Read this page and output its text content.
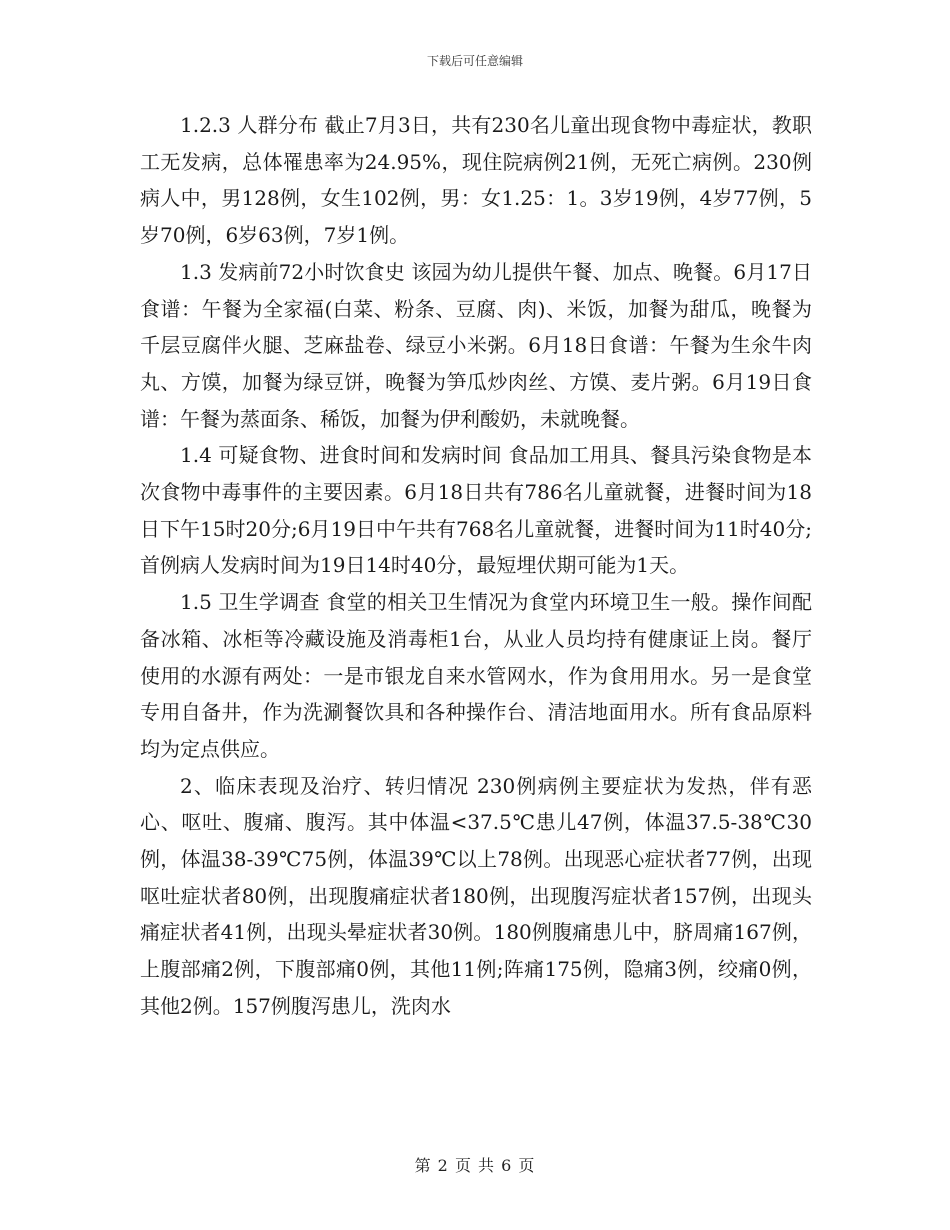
下载后可任意编辑

1.2.3 人群分布 截止7月3日，共有230名儿童出现食物中毒症状，教职工无发病，总体罹患率为24.95%，现住院病例21例，无死亡病例。230例病人中，男128例，女生102例，男：女1.25：1。3岁19例，4岁77例，5岁70例，6岁63例，7岁1例。

1.3 发病前72小时饮食史 该园为幼儿提供午餐、加点、晚餐。6月17日食谱：午餐为全家福(白菜、粉条、豆腐、肉)、米饭，加餐为甜瓜，晚餐为千层豆腐伴火腿、芝麻盐卷、绿豆小米粥。6月18日食谱：午餐为生氽牛肉丸、方馍，加餐为绿豆饼，晚餐为笋瓜炒肉丝、方馍、麦片粥。6月19日食谱：午餐为蒸面条、稀饭，加餐为伊利酸奶，未就晚餐。

1.4 可疑食物、进食时间和发病时间 食品加工用具、餐具污染食物是本次食物中毒事件的主要因素。6月18日共有786名儿童就餐，进餐时间为18日下午15时20分;6月19日中午共有768名儿童就餐，进餐时间为11时40分;首例病人发病时间为19日14时40分，最短埋伏期可能为1天。

1.5 卫生学调查 食堂的相关卫生情况为食堂内环境卫生一般。操作间配备冰箱、冰柜等冷藏设施及消毒柜1台，从业人员均持有健康证上岗。餐厅使用的水源有两处：一是市银龙自来水管网水，作为食用用水。另一是食堂专用自备井，作为洗涮餐饮具和各种操作台、清洁地面用水。所有食品原料均为定点供应。

2、临床表现及治疗、转归情况 230例病例主要症状为发热，伴有恶心、呕吐、腹痛、腹泻。其中体温<37.5℃患儿47例，体温37.5-38℃30例，体温38-39℃75例，体温39℃以上78例。出现恶心症状者77例，出现呕吐症状者80例，出现腹痛症状者180例，出现腹泻症状者157例，出现头痛症状者41例，出现头晕症状者30例。180例腹痛患儿中，脐周痛167例，上腹部痛2例，下腹部痛0例，其他11例;阵痛175例，隐痛3例，绞痛0例，其他2例。157例腹泻患儿，洗肉水

第 2 页 共 6 页
